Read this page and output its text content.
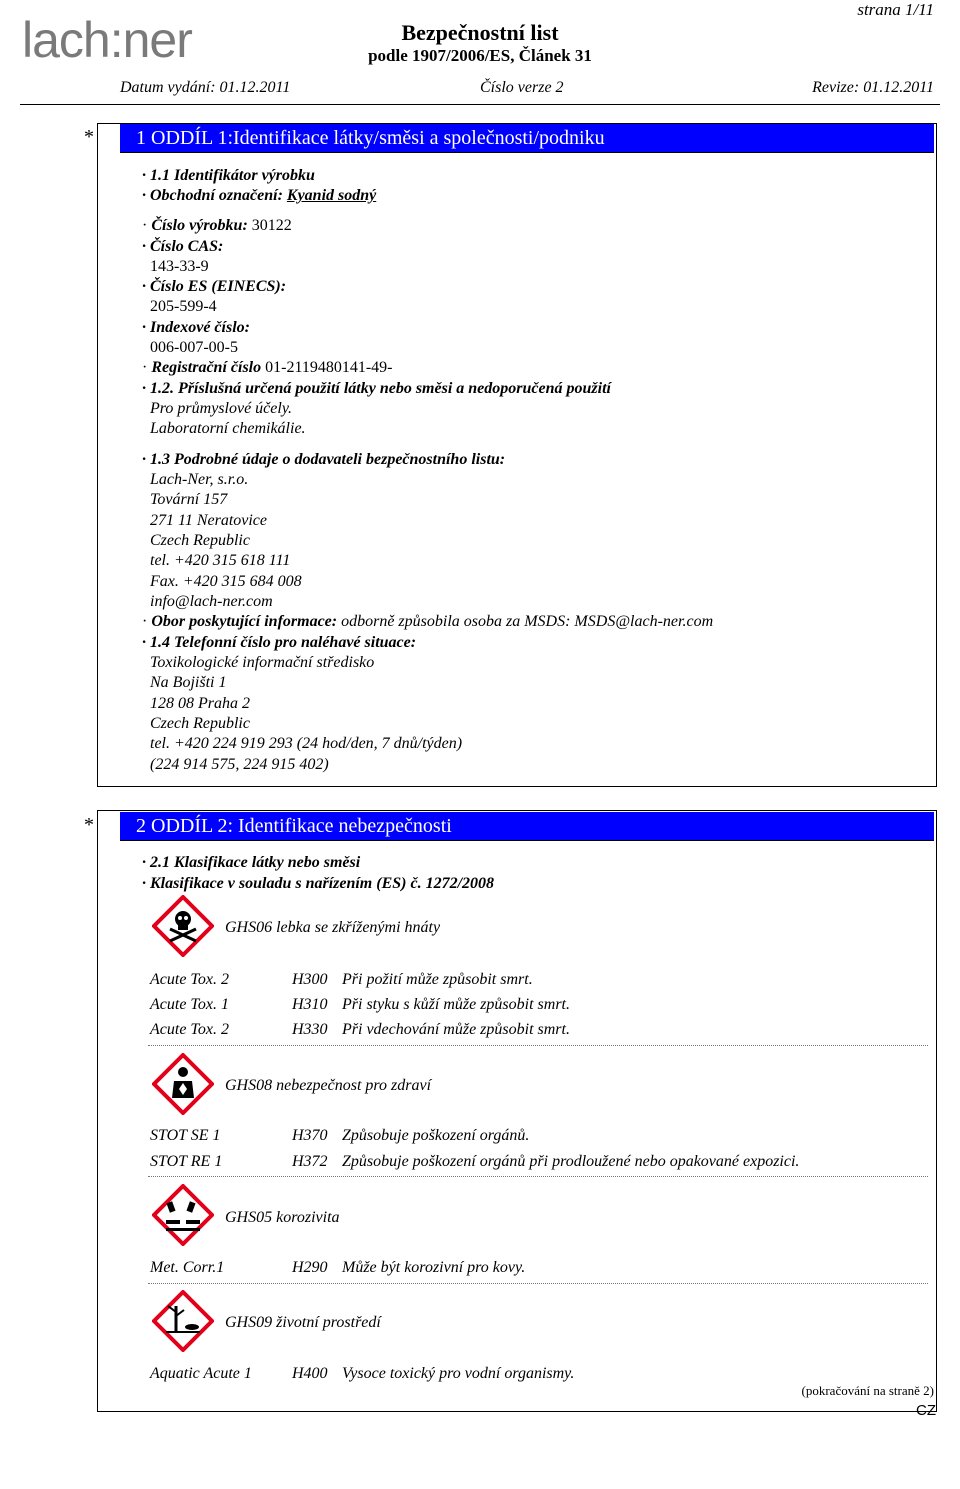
lach:ner
strana 1/11
Bezpečnostní list
podle 1907/2006/ES, Článek 31
Datum vydání: 01.12.2011	Číslo verze 2	Revize: 01.12.2011
*	1 ODDÍL 1:Identifikace látky/směsi a společnosti/podniku
· 1.1 Identifikátor výrobku
· Obchodní označení: Kyanid sodný
· Číslo výrobku: 30122
· Číslo CAS:
143-33-9
· Číslo ES (EINECS):
205-599-4
· Indexové číslo:
006-007-00-5
· Registrační číslo 01-2119480141-49-
· 1.2. Příslušná určená použití látky nebo směsi a nedoporučená použití
Pro průmyslové účely.
Laboratorní chemikálie.
· 1.3 Podrobné údaje o dodavateli bezpečnostního listu:
Lach-Ner, s.r.o.
Tovární 157
271 11 Neratovice
Czech Republic
tel. +420 315 618 111
Fax. +420 315 684 008
info@lach-ner.com
· Obor poskytující informace: odborně způsobila osoba za MSDS: MSDS@lach-ner.com
· 1.4 Telefonní číslo pro naléhavé situace:
Toxikologické informační středisko
Na Bojišti 1
128 08 Praha 2
Czech Republic
tel. +420 224 919 293 (24 hod/den, 7 dnů/týden)
(224 914 575, 224 915 402)
*	2 ODDÍL 2: Identifikace nebezpečnosti
· 2.1 Klasifikace látky nebo směsi
· Klasifikace v souladu s nařízením (ES) č. 1272/2008
GHS06 lebka se zkříženými hnáty
Acute Tox. 2	H300 Při požití může způsobit smrt.
Acute Tox. 1	H310 Při styku s kůží může způsobit smrt.
Acute Tox. 2	H330 Při vdechování může způsobit smrt.
GHS08 nebezpečnost pro zdraví
STOT SE 1	H370 Způsobuje poškození orgánů.
STOT RE 1	H372 Způsobuje poškození orgánů při prodloužené nebo opakované expozici.
GHS05 korozivita
Met. Corr.1	H290 Může být korozivní pro kovy.
GHS09 životní prostředí
Aquatic Acute 1	H400 Vysoce toxický pro vodní organismy.
(pokračování na straně 2)
CZ
